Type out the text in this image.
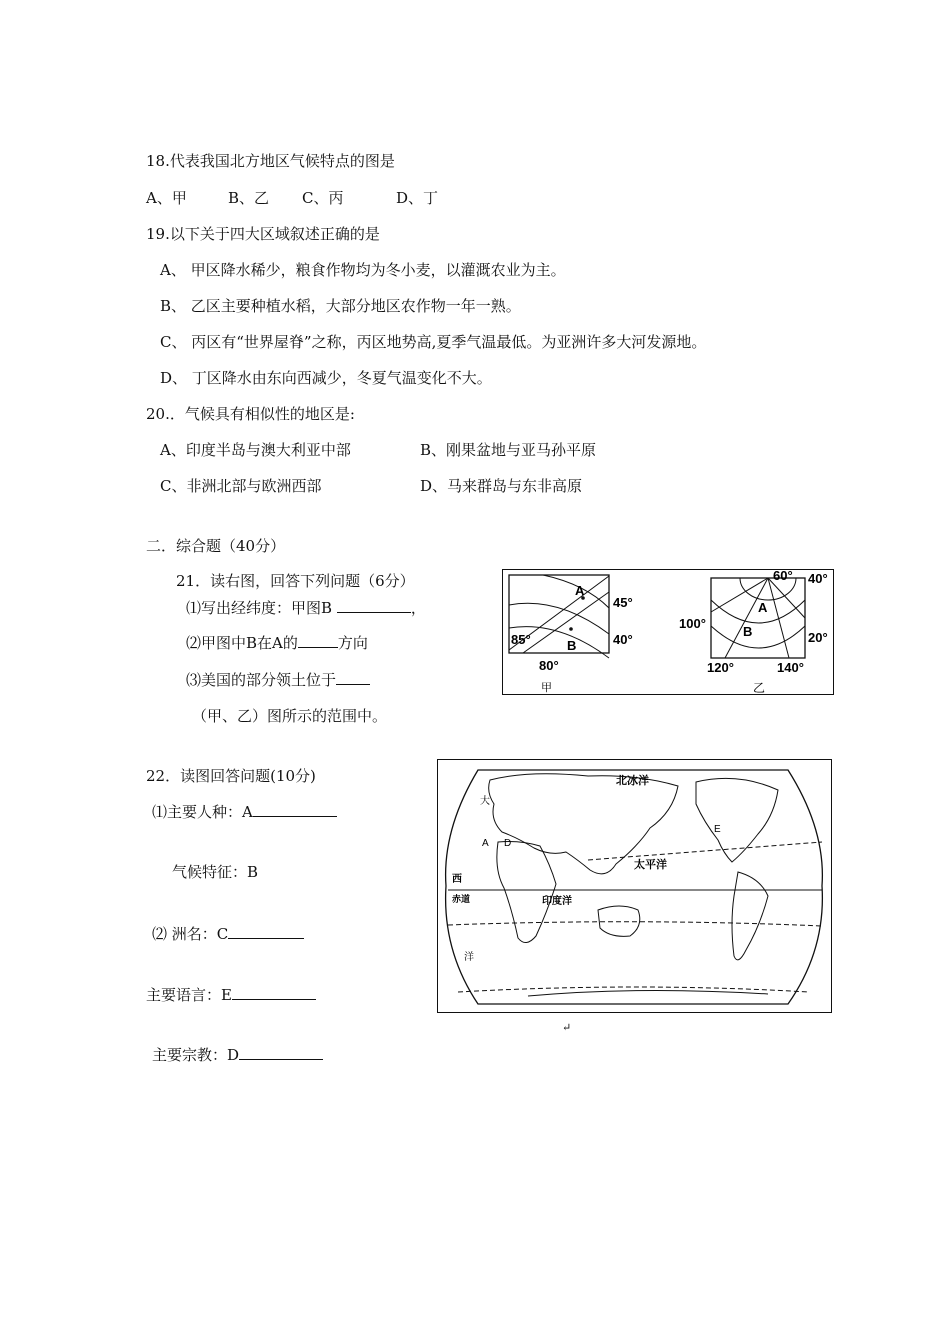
18.代表我国北方地区气候特点的图是
A、甲	B、乙 C、丙	D、丁
19.以下关于四大区域叙述正确的是
A、 甲区降水稀少，粮食作物均为冬小麦，以灌溉农业为主。
B、 乙区主要种植水稻，大部分地区农作物一年一熟。
C、 丙区有“世界屋脊”之称，丙区地势高,夏季气温最低。为亚洲许多大河发源地。
D、 丁区降水由东向西减少，冬夏气温变化不大。
20.．气候具有相似性的地区是:
A、印度半岛与澳大利亚中部	B、刚果盆地与亚马孙平原
C、非洲北部与欧洲西部	D、马来群岛与东非高原
二．综合题（40分）
21．读右图，回答下列问题（6分）
⑴写出经纬度：甲图B	，
⑵甲图中B在A的	方向
⑶美国的部分领土位于
（甲、乙）图所示的范围中。
A
B
45°
40°
85°
80°
甲
A
B
60° 40°
100°
20°
120°	140°
乙
22．读图回答问题(10分)
⑴主要人种：A
气候特征：B
⑵ 洲名：C
主要语言：E
主要宗教：D
北冰洋
太平洋
印度洋
西
赤道
洋
A D
E
大
↵
